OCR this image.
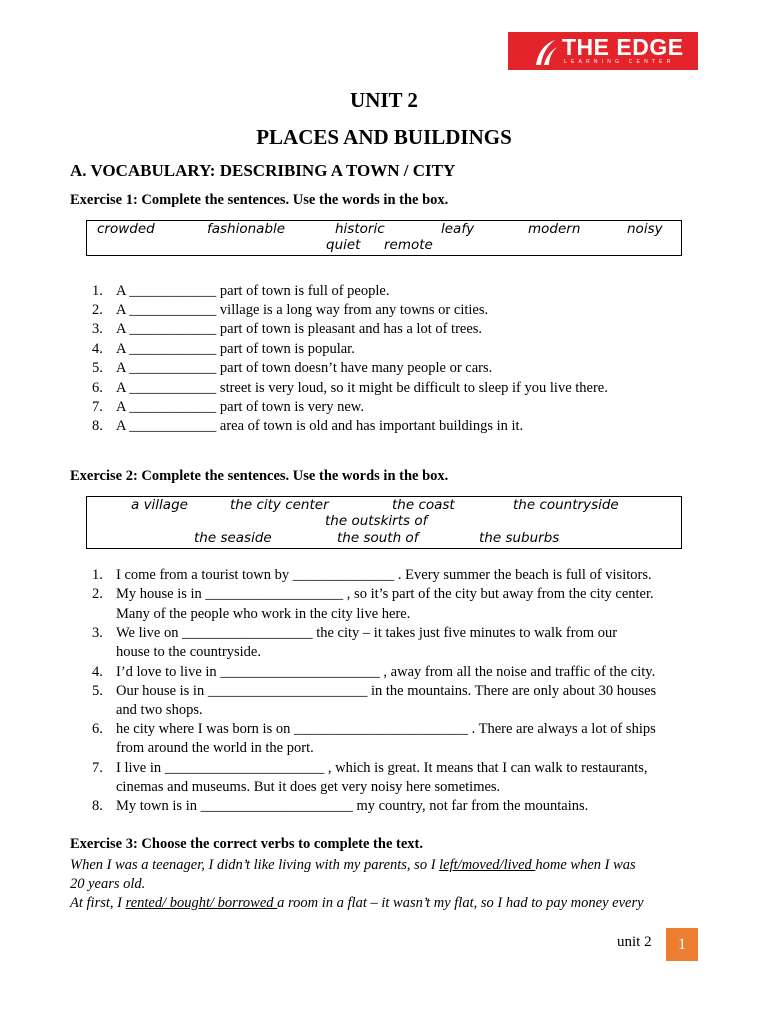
THE EDGE
LEARNING CENTER
UNIT 2
PLACES AND BUILDINGS
A. VOCABULARY: DESCRIBING A TOWN / CITY
Exercise 1: Complete the sentences. Use the words in the box.
crowded	fashionable	historic	leafy	modern	noisy
quiet remote
1. A ____________ part of town is full of people.
2. A ____________ village is a long way from any towns or cities.
3. A ____________ part of town is pleasant and has a lot of trees.
4. A ____________ part of town is popular.
5. A ____________ part of town doesn’t have many people or cars.
6. A ____________ street is very loud, so it might be difficult to sleep if you live there.
7. A ____________ part of town is very new.
8. A ____________ area of town is old and has important buildings in it.
Exercise 2: Complete the sentences. Use the words in the box.
a village	the city center	the coast	the countryside
the outskirts of
the seaside	the south of	the suburbs
1. I come from a tourist town by ______________ . Every summer the beach is full of visitors.
2. My house is in ___________________ , so it’s part of the city but away from the city center.
Many of the people who work in the city live here.
3. We live on __________________ the city – it takes just five minutes to walk from our
house to the countryside.
4. I’d love to live in ______________________ , away from all the noise and traffic of the city.
5. Our house is in ______________________ in the mountains. There are only about 30 houses
and two shops.
6. he city where I was born is on ________________________ . There are always a lot of ships
from around the world in the port.
7. I live in ______________________ , which is great. It means that I can walk to restaurants,
cinemas and museums. But it does get very noisy here sometimes.
8. My town is in _____________________ my country, not far from the mountains.
Exercise 3: Choose the correct verbs to complete the text.
When I was a teenager, I didn’t like living with my parents, so I left/moved/lived home when I was
20 years old.
At first, I rented/ bought/ borrowed a room in a flat – it wasn’t my flat, so I had to pay money every
unit 2	1
